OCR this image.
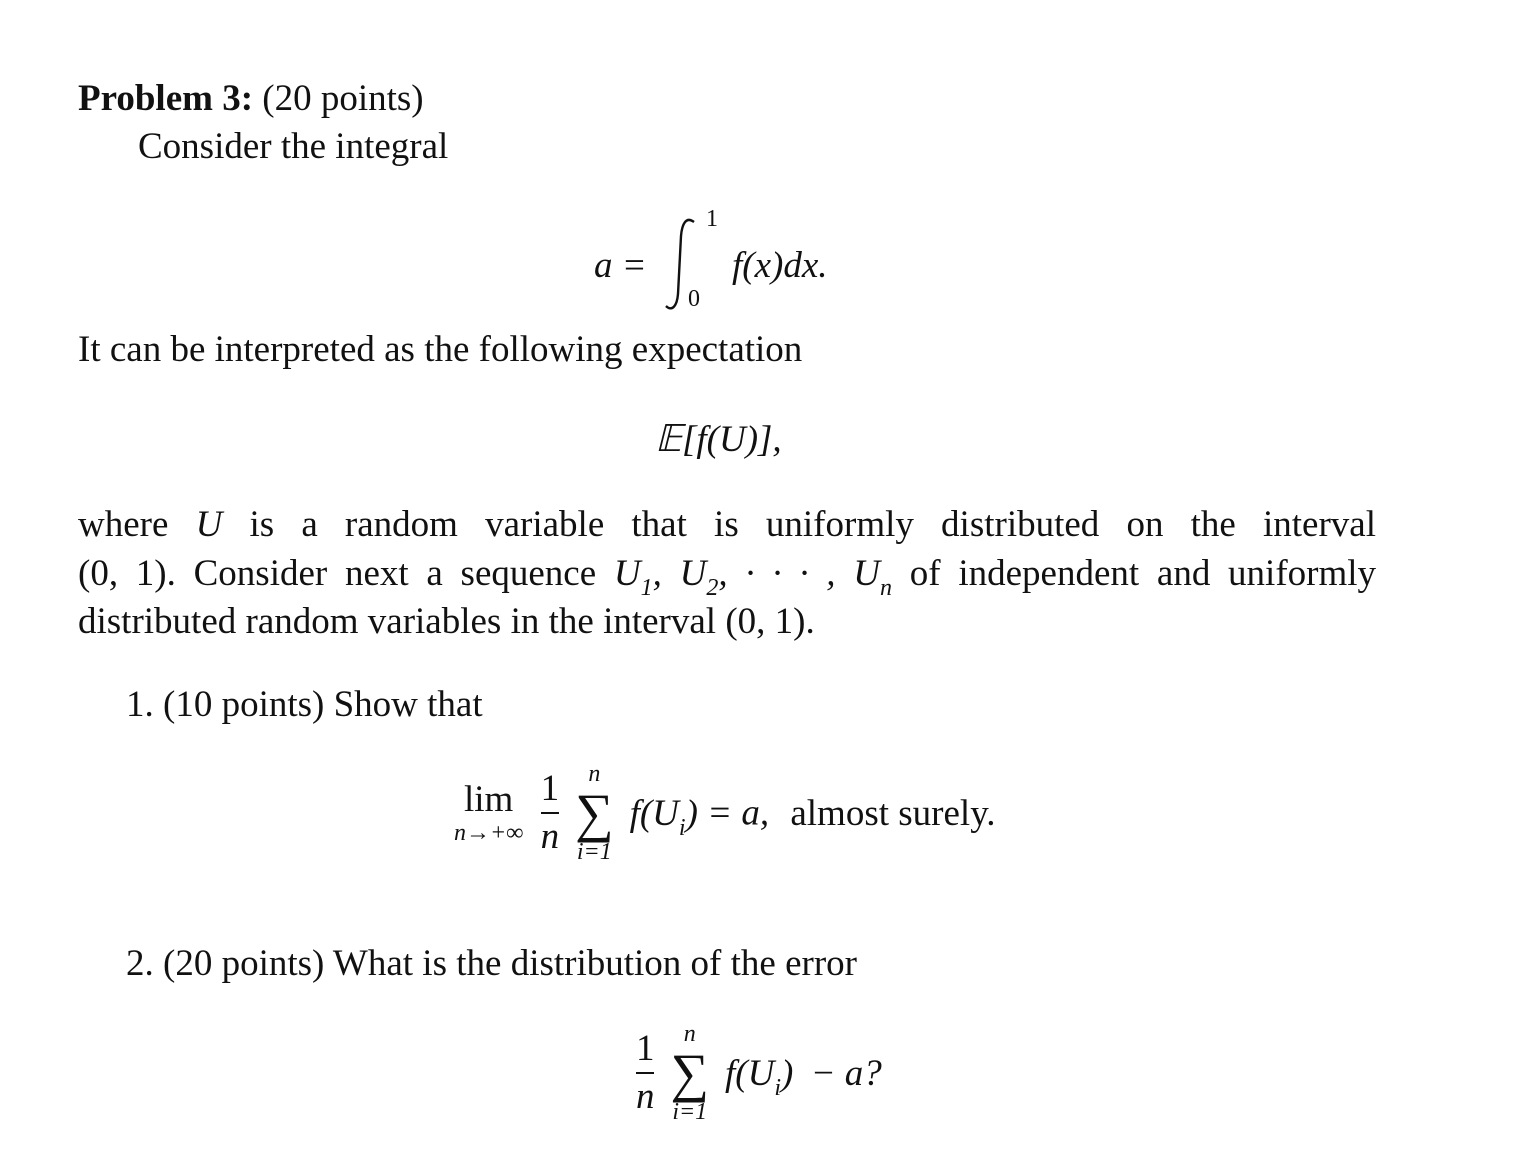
Problem 3: (20 points)
Consider the integral
a =
1
0
f(x)dx.
It can be interpreted as the following expectation
𝔼[f(U)],
where U is a random variable that is uniformly distributed on the interval
(0, 1). Consider next a sequence $U_1$, $U_2$, · · · , $U_n$ of independent and uniformly
distributed random variables in the interval (0, 1).
1. (10 points) Show that
lim
n→+∞
$\frac{1}{n}$
	n
∑
i=1
$f(U_i) = a$, almost surely.
2. (20 points) What is the distribution of the error
$\frac{1}{n}$
	n
∑
i=1
$f(U_i) - a$?
